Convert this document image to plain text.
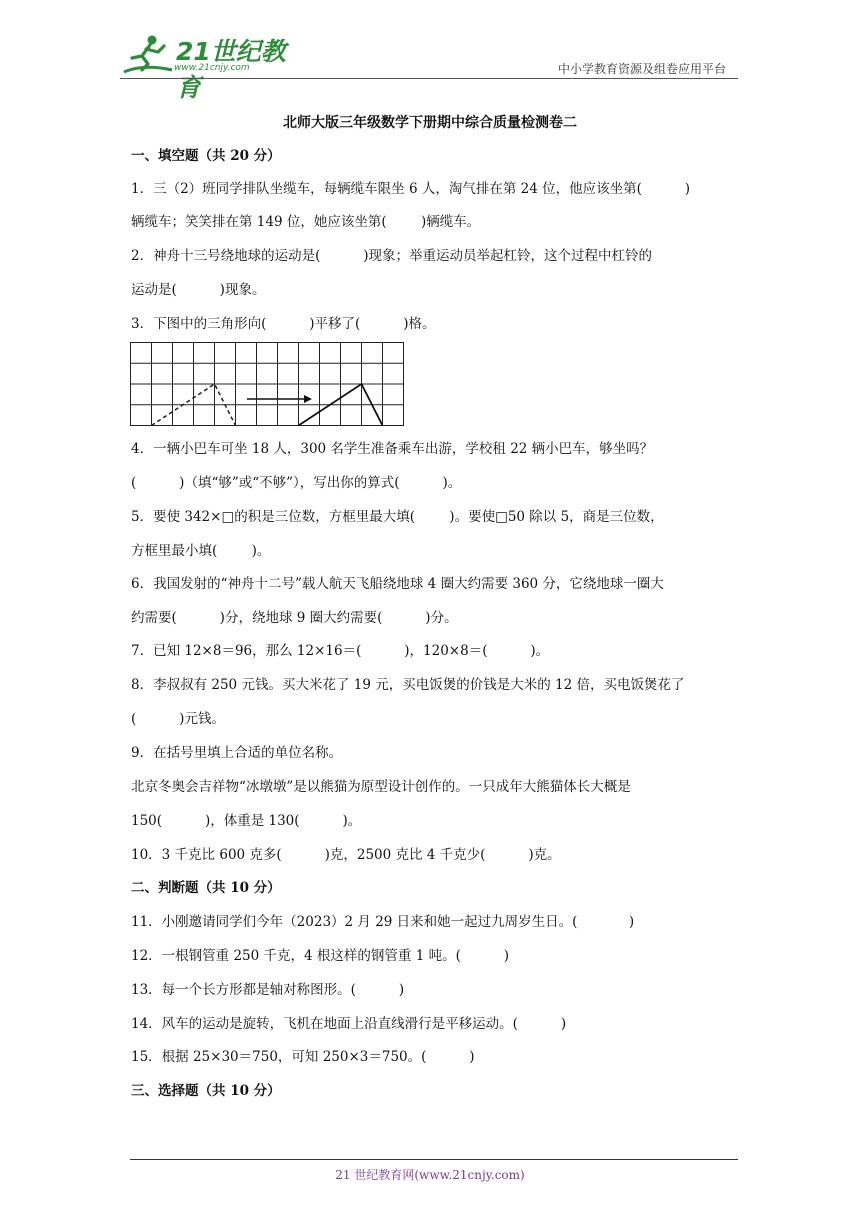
21世纪教育
www.21cnjy.com	中小学教育资源及组卷应用平台
北师大版三年级数学下册期中综合质量检测卷二
一、填空题（共 20 分）
1．三（2）班同学排队坐缆车，每辆缆车限坐 6 人，淘气排在第 24 位，他应该坐第(          )
辆缆车；笑笑排在第 149 位，她应该坐第(        )辆缆车。
2．神舟十三号绕地球的运动是(          )现象；举重运动员举起杠铃，这个过程中杠铃的
运动是(          )现象。
3．下图中的三角形向(          )平移了(          )格。
4．一辆小巴车可坐 18 人，300 名学生准备乘车出游，学校租 22 辆小巴车，够坐吗？
(          )（填“够”或“不够”），写出你的算式(          )。
5．要使 342×□的积是三位数，方框里最大填(        )。要使□50 除以 5，商是三位数，
方框里最小填(        )。
6．我国发射的“神舟十二号”载人航天飞船绕地球 4 圈大约需要 360 分，它绕地球一圈大
约需要(          )分，绕地球 9 圈大约需要(          )分。
7．已知 12×8＝96，那么 12×16＝(          )，120×8＝(          )。
8．李叔叔有 250 元钱。买大米花了 19 元，买电饭煲的价钱是大米的 12 倍，买电饭煲花了
(          )元钱。
9．在括号里填上合适的单位名称。
北京冬奥会吉祥物“冰墩墩”是以熊猫为原型设计创作的。一只成年大熊猫体长大概是
150(          )，体重是 130(          )。
10．3 千克比 600 克多(          )克，2500 克比 4 千克少(          )克。
二、判断题（共 10 分）
11．小刚邀请同学们今年（2023）2 月 29 日来和她一起过九周岁生日。(            )
12．一根钢管重 250 千克，4 根这样的钢管重 1 吨。(          )
13．每一个长方形都是轴对称图形。(          )
14．风车的运动是旋转，飞机在地面上沿直线滑行是平移运动。(          )
15．根据 25×30＝750，可知 250×3＝750。(          )
三、选择题（共 10 分）
21 世纪教育网(www.21cnjy.com)
